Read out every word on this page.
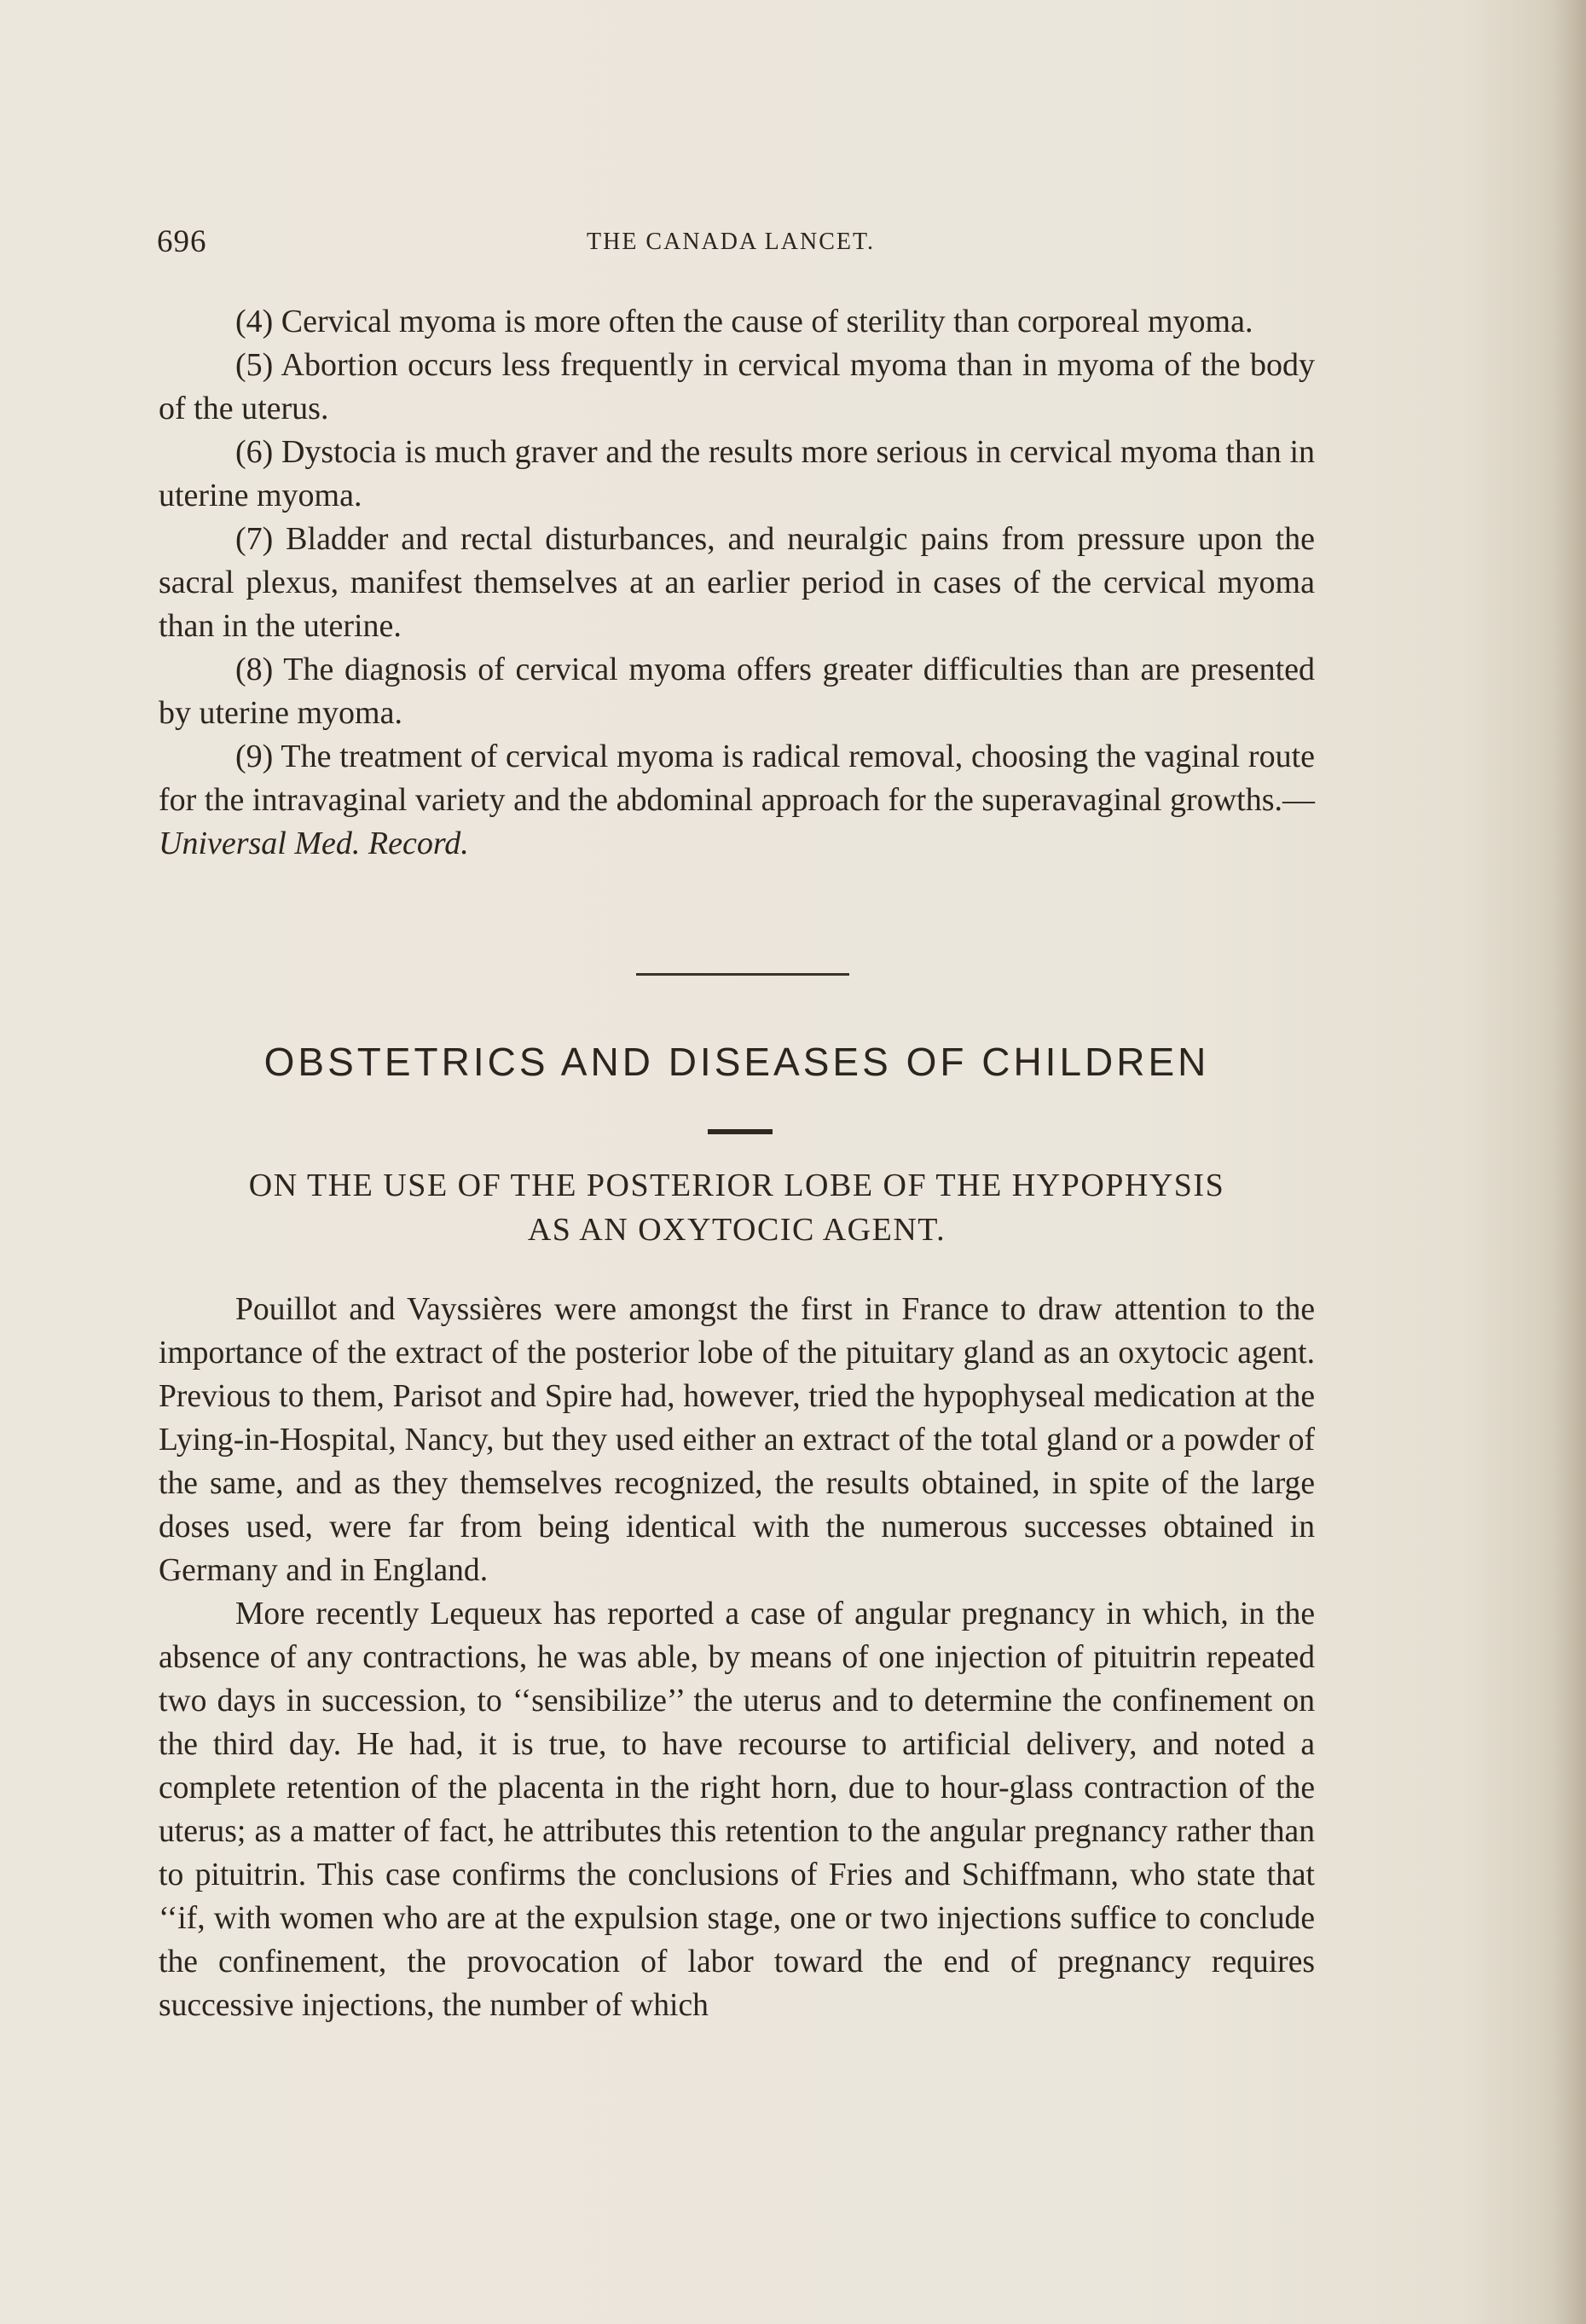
696	THE CANADA LANCET.

(4) Cervical myoma is more often the cause of sterility than corporeal myoma.

(5) Abortion occurs less frequently in cervical myoma than in myoma of the body of the uterus.

(6) Dystocia is much graver and the results more serious in cervical myoma than in uterine myoma.

(7) Bladder and rectal disturbances, and neuralgic pains from pressure upon the sacral plexus, manifest themselves at an earlier period in cases of the cervical myoma than in the uterine.

(8) The diagnosis of cervical myoma offers greater difficulties than are presented by uterine myoma.

(9) The treatment of cervical myoma is radical removal, choosing the vaginal route for the intravaginal variety and the abdominal approach for the superavaginal growths.—Universal Med. Record.

OBSTETRICS AND DISEASES OF CHILDREN
ON THE USE OF THE POSTERIOR LOBE OF THE HYPOPHYSIS
AS AN OXYTOCIC AGENT.

Pouillot and Vayssières were amongst the first in France to draw attention to the importance of the extract of the posterior lobe of the pituitary gland as an oxytocic agent. Previous to them, Parisot and Spire had, however, tried the hypophyseal medication at the Lying-in-Hospital, Nancy, but they used either an extract of the total gland or a powder of the same, and as they themselves recognized, the results obtained, in spite of the large doses used, were far from being identical with the numerous successes obtained in Germany and in England.

More recently Lequeux has reported a case of angular pregnancy in which, in the absence of any contractions, he was able, by means of one injection of pituitrin repeated two days in succession, to ‘‘sensibilize’’ the uterus and to determine the confinement on the third day. He had, it is true, to have recourse to artificial delivery, and noted a complete retention of the placenta in the right horn, due to hour-glass contraction of the uterus; as a matter of fact, he attributes this retention to the angular pregnancy rather than to pituitrin. This case confirms the conclusions of Fries and Schiffmann, who state that ‘‘if, with women who are at the expulsion stage, one or two injections suffice to conclude the confinement, the provocation of labor toward the end of pregnancy requires successive injections, the number of which
